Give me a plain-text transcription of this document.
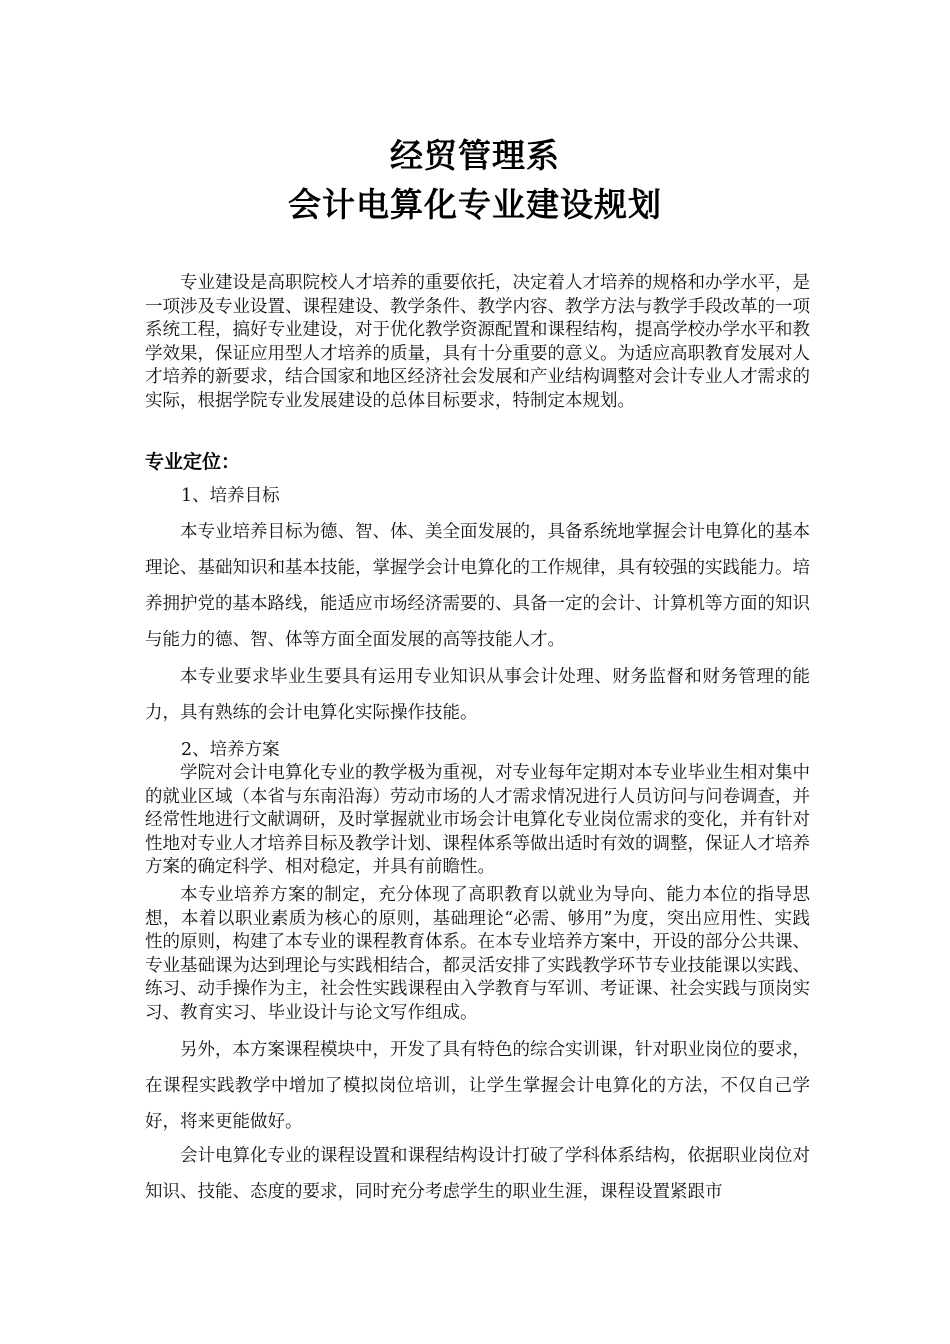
经贸管理系
会计电算化专业建设规划

专业建设是高职院校人才培养的重要依托，决定着人才培养的规格和办学水平，是一项涉及专业设置、课程建设、教学条件、教学内容、教学方法与教学手段改革的一项系统工程，搞好专业建设，对于优化教学资源配置和课程结构，提高学校办学水平和教学效果，保证应用型人才培养的质量，具有十分重要的意义。为适应高职教育发展对人才培养的新要求，结合国家和地区经济社会发展和产业结构调整对会计专业人才需求的实际，根据学院专业发展建设的总体目标要求，特制定本规划。

专业定位：
1、培养目标

本专业培养目标为德、智、体、美全面发展的，具备系统地掌握会计电算化的基本理论、基础知识和基本技能，掌握学会计电算化的工作规律，具有较强的实践能力。培养拥护党的基本路线，能适应市场经济需要的、具备一定的会计、计算机等方面的知识与能力的德、智、体等方面全面发展的高等技能人才。

本专业要求毕业生要具有运用专业知识从事会计处理、财务监督和财务管理的能力，具有熟练的会计电算化实际操作技能。

2、培养方案

学院对会计电算化专业的教学极为重视，对专业每年定期对本专业毕业生相对集中的就业区域（本省与东南沿海）劳动市场的人才需求情况进行人员访问与问卷调查，并经常性地进行文献调研，及时掌握就业市场会计电算化专业岗位需求的变化，并有针对性地对专业人才培养目标及教学计划、课程体系等做出适时有效的调整，保证人才培养方案的确定科学、相对稳定，并具有前瞻性。

本专业培养方案的制定，充分体现了高职教育以就业为导向、能力本位的指导思想，本着以职业素质为核心的原则，基础理论“必需、够用”为度，突出应用性、实践性的原则，构建了本专业的课程教育体系。在本专业培养方案中，开设的部分公共课、专业基础课为达到理论与实践相结合，都灵活安排了实践教学环节专业技能课以实践、练习、动手操作为主，社会性实践课程由入学教育与军训、考证课、社会实践与顶岗实习、教育实习、毕业设计与论文写作组成。

另外，本方案课程模块中，开发了具有特色的综合实训课，针对职业岗位的要求，在课程实践教学中增加了模拟岗位培训，让学生掌握会计电算化的方法，不仅自己学好，将来更能做好。

会计电算化专业的课程设置和课程结构设计打破了学科体系结构，依据职业岗位对知识、技能、态度的要求，同时充分考虑学生的职业生涯，课程设置紧跟市
